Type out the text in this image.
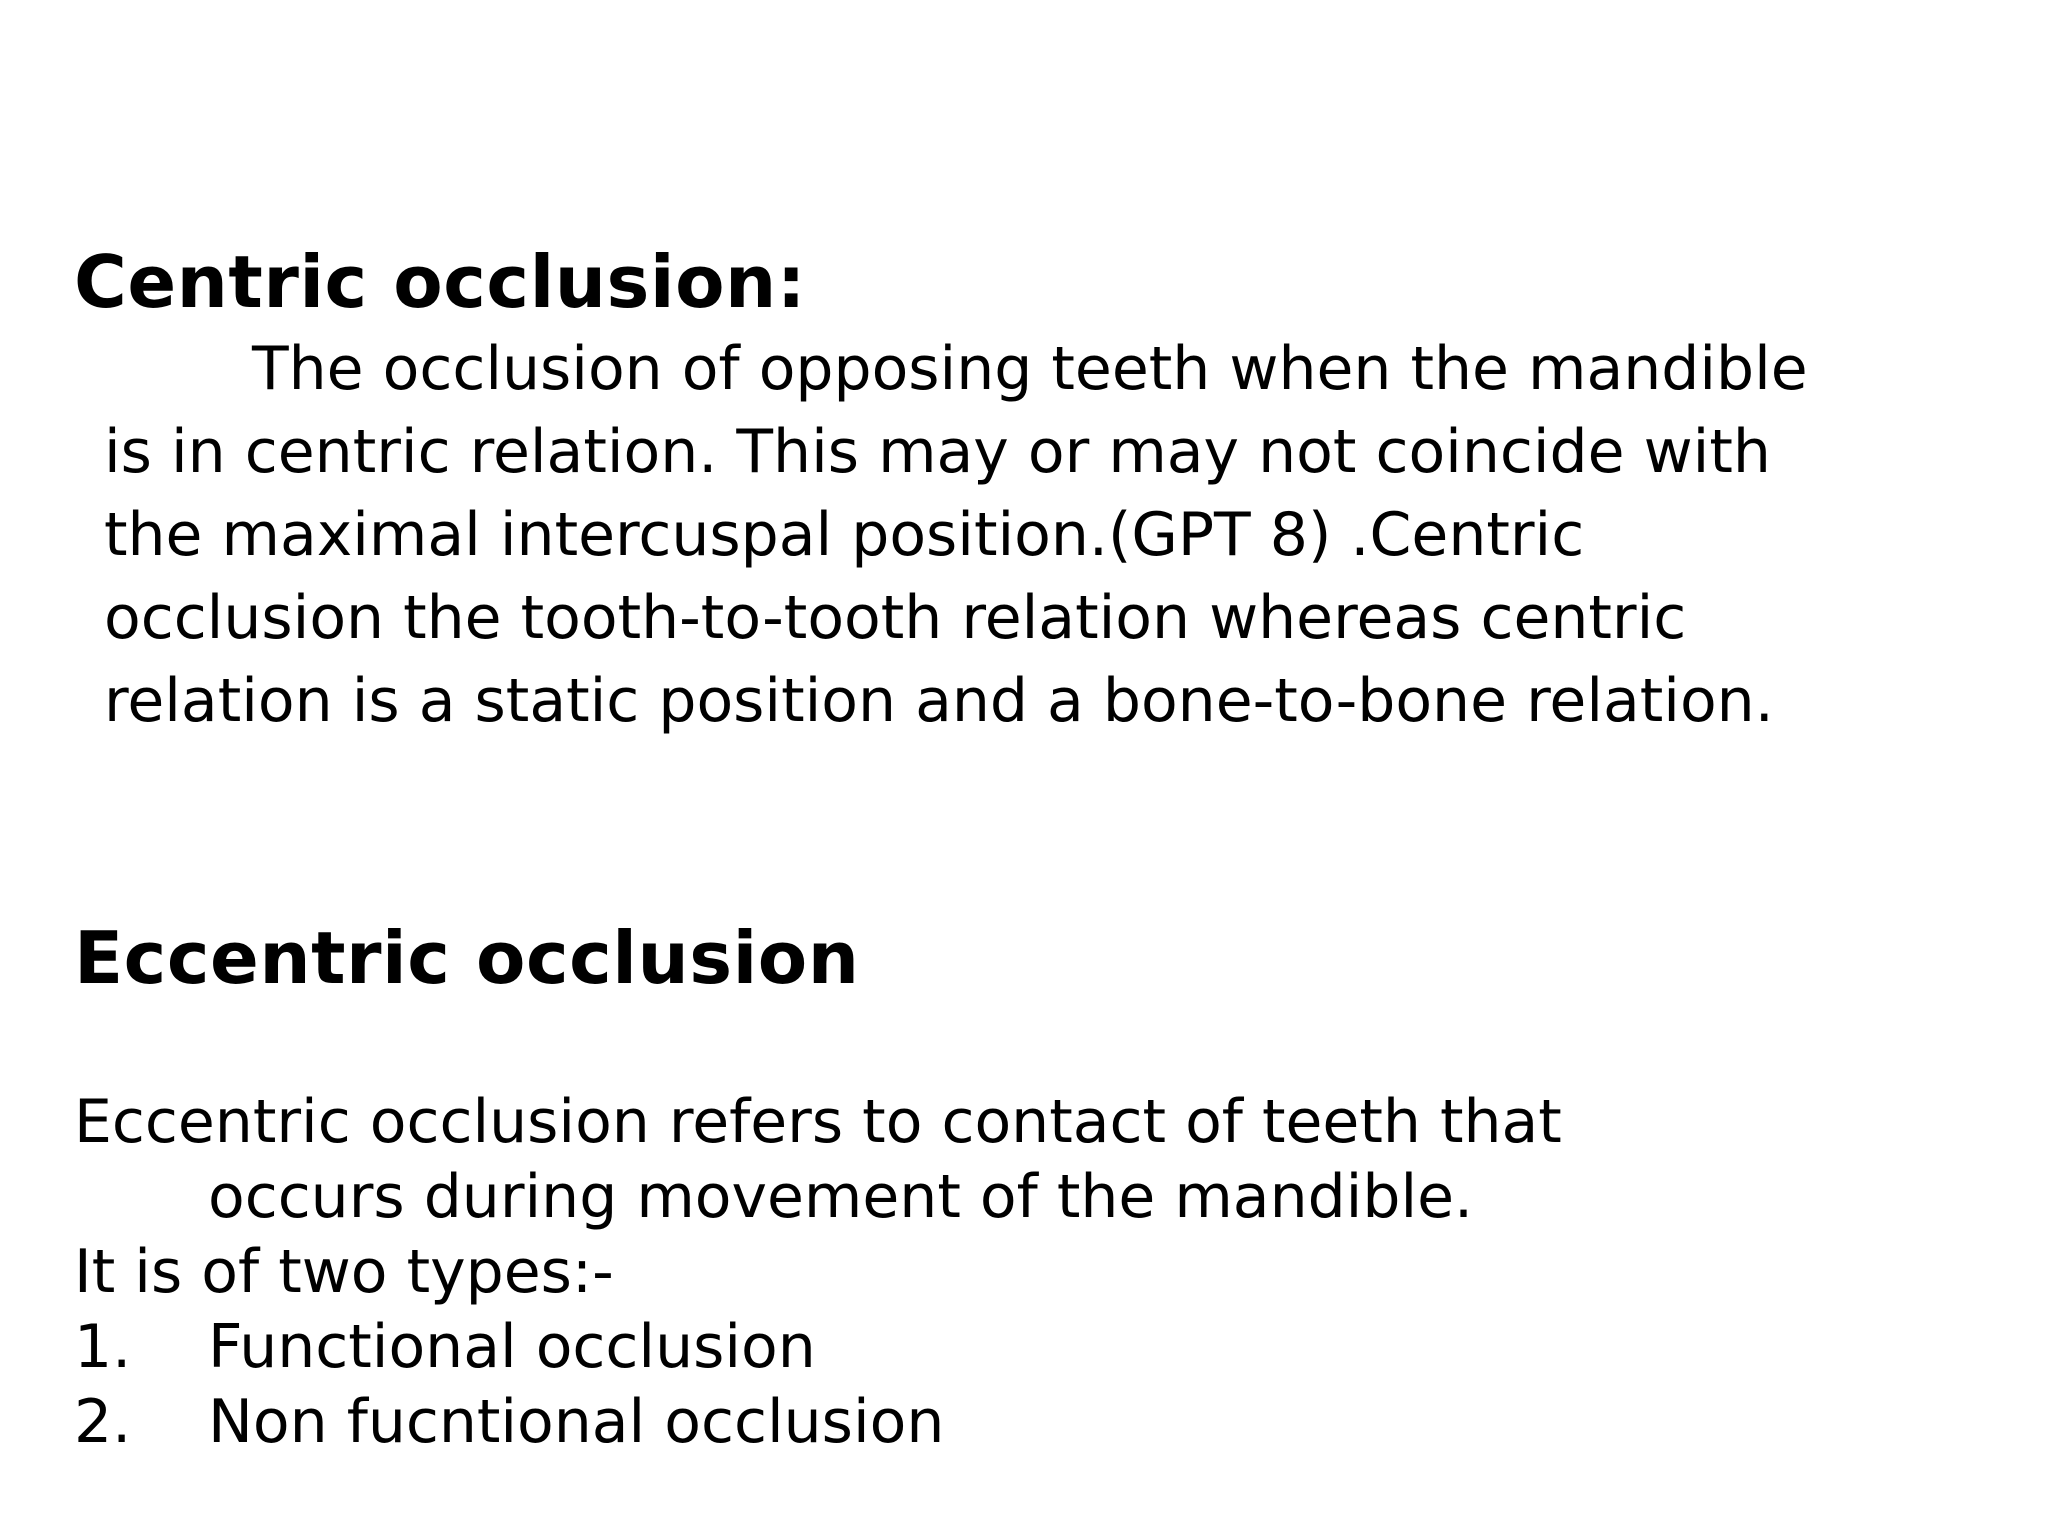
Centric occlusion:
The occlusion of opposing teeth when the mandible
is in centric relation. This may or may not coincide with
the maximal intercuspal position.(GPT 8) .Centric
occlusion the tooth-to-tooth relation whereas centric
relation is a static position and a bone-to-bone relation.
Eccentric occlusion
Eccentric occlusion refers to contact of teeth that
occurs during movement of the mandible.
It is of two types:-
1.	Functional occlusion
2.	Non fucntional occlusion
